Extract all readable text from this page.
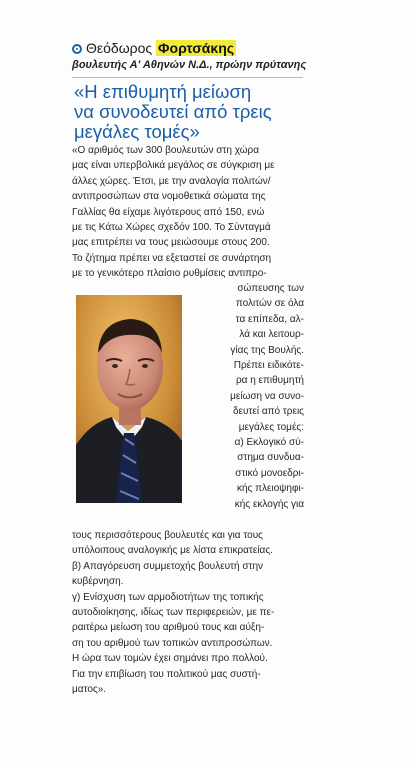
Θεόδωρος Φορτσάκης
βουλευτής Α' Αθηνών Ν.Δ., πρώην πρύτανης
«Η επιθυμητή μείωση
να συνοδευτεί από τρεις
μεγάλες τομές»
«Ο αριθμός των 300 βουλευτών στη χώρα
μας είναι υπερβολικά μεγάλος σε σύγκριση με
άλλες χώρες. Έτσι, με την αναλογία πολιτών/
αντιπροσώπων στα νομοθετικά σώματα της
Γαλλίας θα είχαμε λιγότερους από 150, ενώ
με τις Κάτω Χώρες σχεδόν 100. Το Σύνταγμά
μας επιτρέπει να τους μειώσουμε στους 200.
Το ζήτημα πρέπει να εξεταστεί σε συνάρτηση
με το γενικότερο πλαίσιο ρυθμίσεις αντιπρο-
σώπευσης των
πολιτών σε όλα
τα επίπεδα, αλ-
λά και λειτουρ-
γίας της Βουλής.
Πρέπει ειδικότε-
ρα η επιθυμητή
μείωση να συνο-
δευτεί από τρεις
μεγάλες τομές:
α) Εκλογικό σύ-
στημα συνδυα-
στικό μονοεδρι-
κής πλειοψηφι-
κής εκλογής για
τους περισσότερους βουλευτές και για τους
υπόλοιπους αναλογικής με λίστα επικρατείας.
β) Απαγόρευση συμμετοχής βουλευτή στην
κυβέρνηση.
γ) Ενίσχυση των αρμοδιοτήτων της τοπικής
αυτοδιοίκησης, ιδίως των περιφερειών, με πε-
ραιτέρω μείωση του αριθμού τους και αύξη-
ση του αριθμού των τοπικών αντιπροσώπων.
Η ώρα των τομών έχει σημάνει προ πολλού.
Για την επιβίωση του πολιτικού μας συστή-
ματος».
